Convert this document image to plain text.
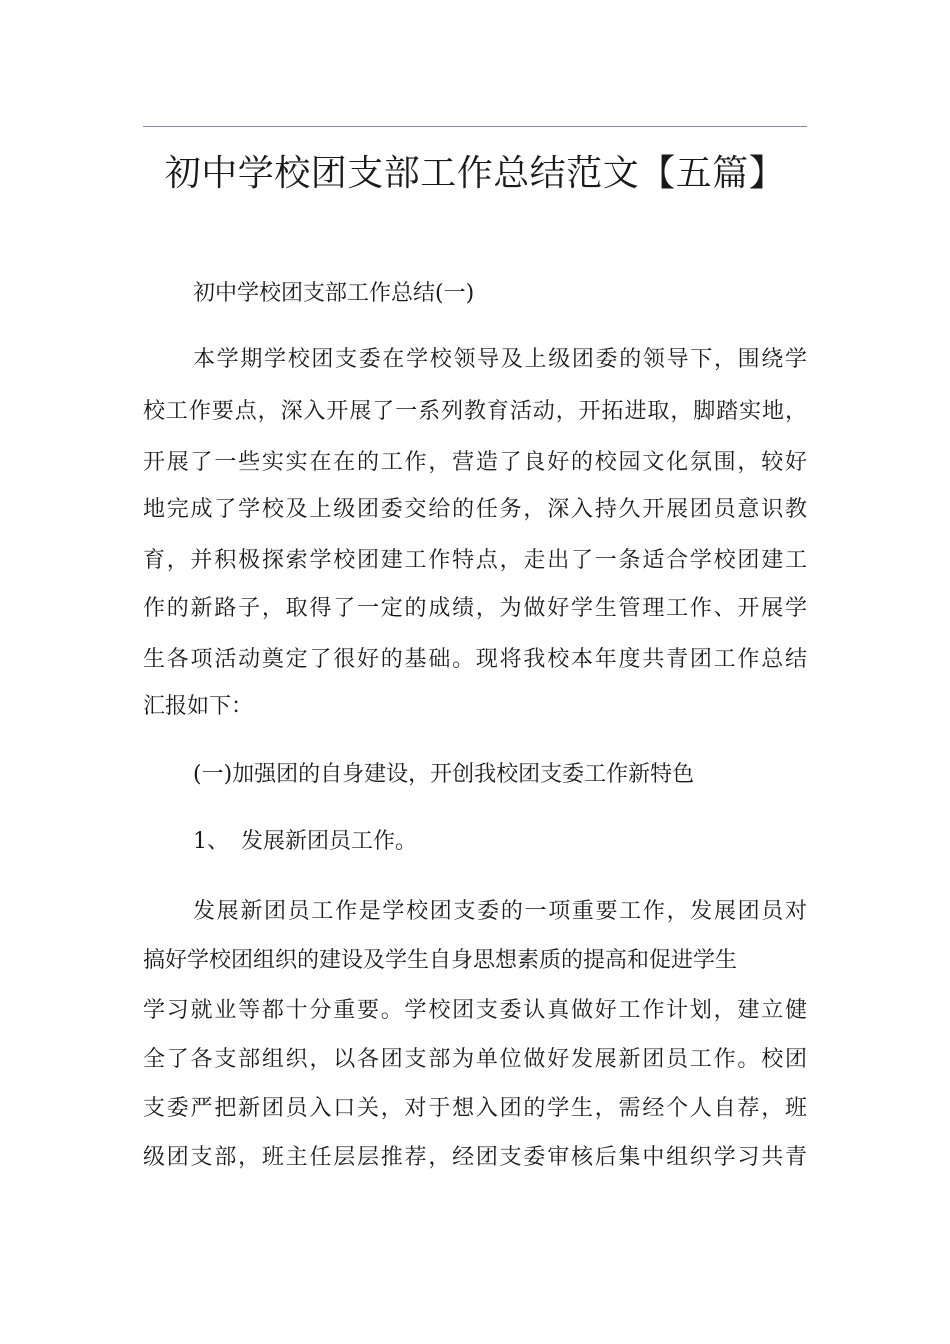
初中学校团支部工作总结范文【五篇】
初中学校团支部工作总结(一)
本学期学校团支委在学校领导及上级团委的领导下，围绕学
校工作要点，深入开展了一系列教育活动，开拓进取，脚踏实地，
开展了一些实实在在的工作，营造了良好的校园文化氛围，较好
地完成了学校及上级团委交给的任务，深入持久开展团员意识教
育，并积极探索学校团建工作特点，走出了一条适合学校团建工
作的新路子，取得了一定的成绩，为做好学生管理工作、开展学
生各项活动奠定了很好的基础。现将我校本年度共青团工作总结
汇报如下：
(一)加强团的自身建设，开创我校团支委工作新特色
1、 发展新团员工作。
发展新团员工作是学校团支委的一项重要工作，发展团员对
搞好学校团组织的建设及学生自身思想素质的提高和促进学生
学习就业等都十分重要。学校团支委认真做好工作计划，建立健
全了各支部组织，以各团支部为单位做好发展新团员工作。校团
支委严把新团员入口关，对于想入团的学生，需经个人自荐，班
级团支部，班主任层层推荐，经团支委审核后集中组织学习共青
